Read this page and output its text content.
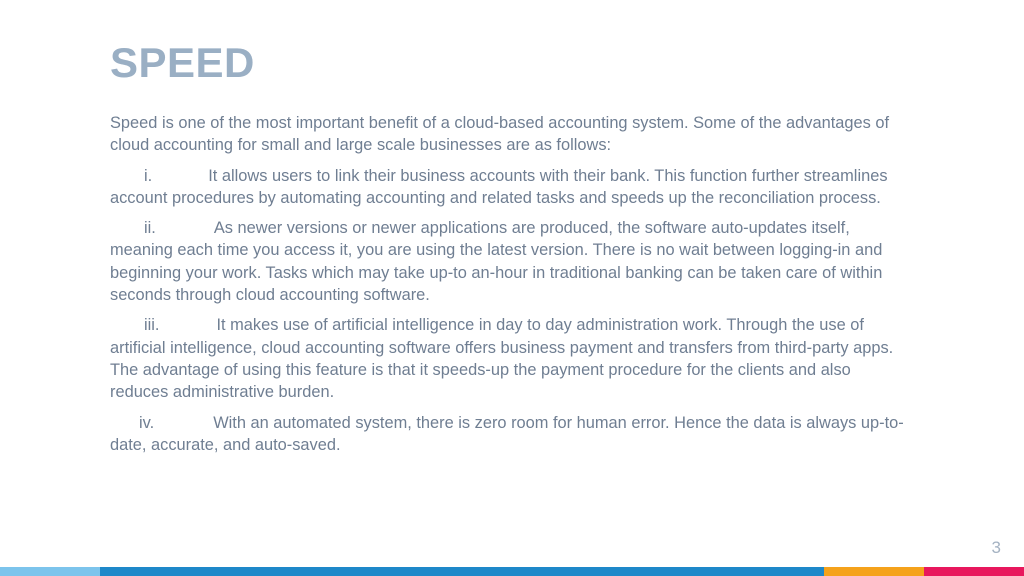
SPEED

Speed is one of the most important benefit of a cloud-based accounting system. Some of the advantages of cloud accounting for small and large scale businesses are as follows:

i.	It allows users to link their business accounts with their bank. This function further streamlines account procedures by automating accounting and related tasks and speeds up the reconciliation process.

ii.	As newer versions or newer applications are produced, the software auto-updates itself, meaning each time you access it, you are using the latest version. There is no wait between logging-in and beginning your work. Tasks which may take up-to an-hour in traditional banking can be taken care of within seconds through cloud accounting software.

iii.	It makes use of artificial intelligence in day to day administration work. Through the use of artificial intelligence, cloud accounting software offers business payment and transfers from third-party apps. The advantage of using this feature is that it speeds-up the payment procedure for the clients and also reduces administrative burden.

iv.	With an automated system, there is zero room for human error. Hence the data is always up-to-date, accurate, and auto-saved.

3
